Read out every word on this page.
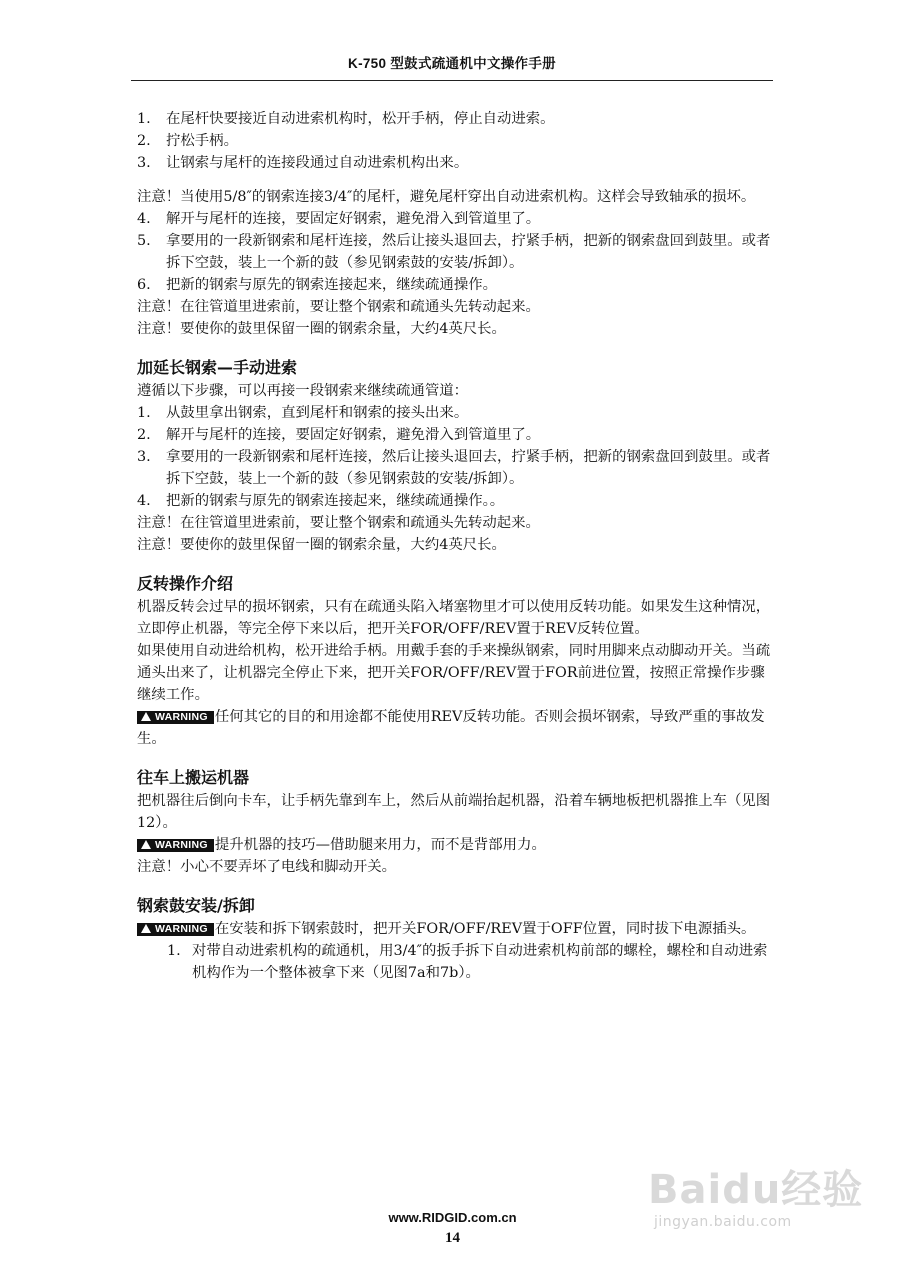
K-750 型鼓式疏通机中文操作手册

1. 在尾杆快要接近自动进索机构时，松开手柄，停止自动进索。

2. 拧松手柄。

3. 让钢索与尾杆的连接段通过自动进索机构出来。

注意！当使用5/8″的钢索连接3/4″的尾杆，避免尾杆穿出自动进索机构。这样会导致轴承的损坏。

4. 解开与尾杆的连接，要固定好钢索，避免滑入到管道里了。

5. 拿要用的一段新钢索和尾杆连接，然后让接头退回去，拧紧手柄，把新的钢索盘回到鼓里。或者拆下空鼓，装上一个新的鼓（参见钢索鼓的安装/拆卸）。

6. 把新的钢索与原先的钢索连接起来，继续疏通操作。

注意！在往管道里进索前，要让整个钢索和疏通头先转动起来。

注意！要使你的鼓里保留一圈的钢索余量，大约4英尺长。

加延长钢索—手动进索

遵循以下步骤，可以再接一段钢索来继续疏通管道：

1. 从鼓里拿出钢索，直到尾杆和钢索的接头出来。

2. 解开与尾杆的连接，要固定好钢索，避免滑入到管道里了。

3. 拿要用的一段新钢索和尾杆连接，然后让接头退回去，拧紧手柄，把新的钢索盘回到鼓里。或者拆下空鼓，装上一个新的鼓（参见钢索鼓的安装/拆卸）。

4. 把新的钢索与原先的钢索连接起来，继续疏通操作。。

注意！在往管道里进索前，要让整个钢索和疏通头先转动起来。

注意！要使你的鼓里保留一圈的钢索余量，大约4英尺长。

反转操作介绍

机器反转会过早的损坏钢索，只有在疏通头陷入堵塞物里才可以使用反转功能。如果发生这种情况，立即停止机器，等完全停下来以后，把开关FOR/OFF/REV置于REV反转位置。

如果使用自动进给机构，松开进给手柄。用戴手套的手来操纵钢索，同时用脚来点动脚动开关。当疏通头出来了，让机器完全停止下来，把开关FOR/OFF/REV置于FOR前进位置，按照正常操作步骤继续工作。

WARNING 任何其它的目的和用途都不能使用REV反转功能。否则会损坏钢索，导致严重的事故发生。

往车上搬运机器

把机器往后倒向卡车，让手柄先靠到车上，然后从前端抬起机器，沿着车辆地板把机器推上车（见图12）。

WARNING 提升机器的技巧—借助腿来用力，而不是背部用力。

注意！小心不要弄坏了电线和脚动开关。

钢索鼓安装/拆卸

WARNING 在安装和拆下钢索鼓时，把开关FOR/OFF/REV置于OFF位置，同时拔下电源插头。

1. 对带自动进索机构的疏通机，用3/4″的扳手拆下自动进索机构前部的螺栓，螺栓和自动进索机构作为一个整体被拿下来（见图7a和7b）。

Baidu经验
jingyan.baidu.com
www.RIDGID.com.cn
14
